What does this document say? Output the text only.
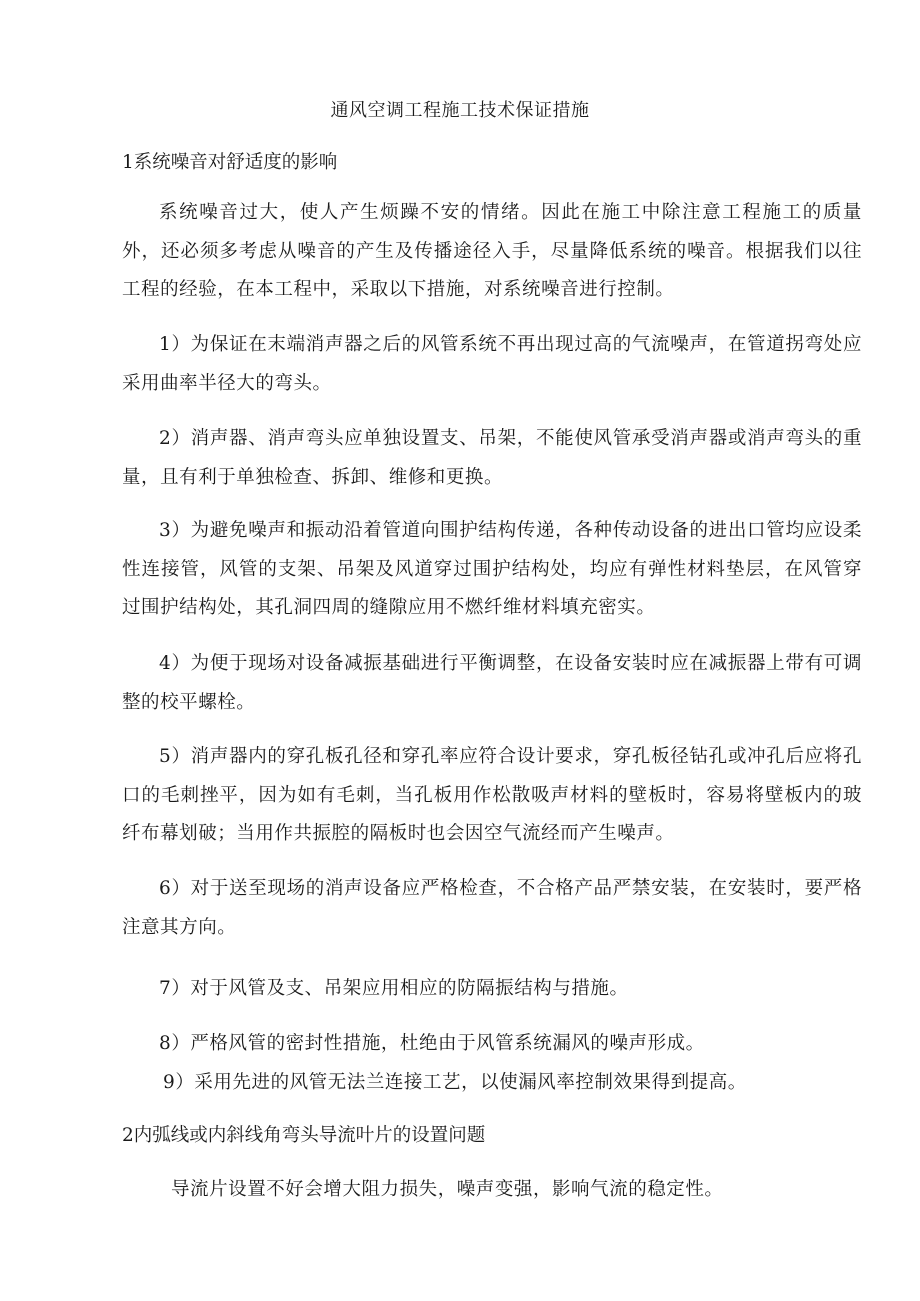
通风空调工程施工技术保证措施
1系统噪音对舒适度的影响
系统噪音过大，使人产生烦躁不安的情绪。因此在施工中除注意工程施工的质量外，还必须多考虑从噪音的产生及传播途径入手，尽量降低系统的噪音。根据我们以往工程的经验，在本工程中，采取以下措施，对系统噪音进行控制。
1）为保证在末端消声器之后的风管系统不再出现过高的气流噪声，在管道拐弯处应采用曲率半径大的弯头。
2）消声器、消声弯头应单独设置支、吊架，不能使风管承受消声器或消声弯头的重量，且有利于单独检查、拆卸、维修和更换。
3）为避免噪声和振动沿着管道向围护结构传递，各种传动设备的进出口管均应设柔性连接管，风管的支架、吊架及风道穿过围护结构处，均应有弹性材料垫层，在风管穿过围护结构处，其孔洞四周的缝隙应用不燃纤维材料填充密实。
4）为便于现场对设备减振基础进行平衡调整，在设备安装时应在减振器上带有可调整的校平螺栓。
5）消声器内的穿孔板孔径和穿孔率应符合设计要求，穿孔板径钻孔或冲孔后应将孔口的毛刺挫平，因为如有毛刺，当孔板用作松散吸声材料的壁板时，容易将壁板内的玻纤布幕划破；当用作共振腔的隔板时也会因空气流经而产生噪声。
6）对于送至现场的消声设备应严格检查，不合格产品严禁安装，在安装时，要严格注意其方向。
7）对于风管及支、吊架应用相应的防隔振结构与措施。
8）严格风管的密封性措施，杜绝由于风管系统漏风的噪声形成。
9）采用先进的风管无法兰连接工艺，以使漏风率控制效果得到提高。
2内弧线或内斜线角弯头导流叶片的设置问题
导流片设置不好会增大阻力损失，噪声变强，影响气流的稳定性。
